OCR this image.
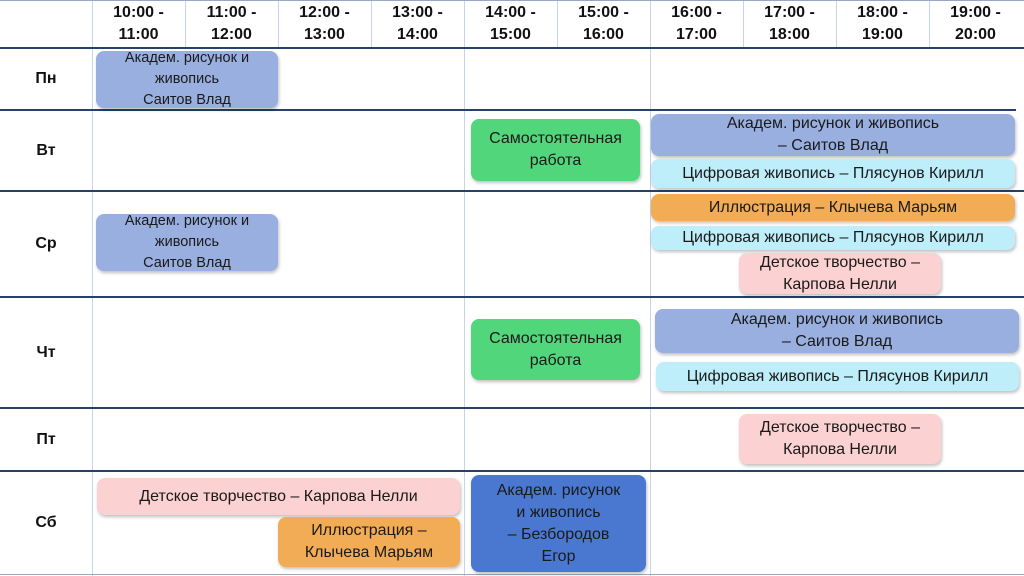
10:00 -
11:00
11:00 -
12:00
12:00 -
13:00
13:00 -
14:00
14:00 -
15:00
15:00 -
16:00
16:00 -
17:00
17:00 -
18:00
18:00 -
19:00
19:00 -
20:00
Пн
Вт
Ср
Чт
Пт
Сб
Академ. рисунок и
живопись
Саитов Влад
Самостоятельная
работа
Академ. рисунок и живопись
– Саитов Влад
Цифровая живопись – Плясунов Кирилл
Академ. рисунок и
живопись
Саитов Влад
Иллюстрация – Клычева Марьям
Цифровая живопись – Плясунов Кирилл
Детское творчество –
Карпова Нелли
Самостоятельная
работа
Академ. рисунок и живопись
– Саитов Влад
Цифровая живопись – Плясунов Кирилл
Детское творчество –
Карпова Нелли
Детское творчество – Карпова Нелли
Иллюстрация –
Клычева Марьям
Академ. рисунок
и живопись
– Безбородов
Егор
